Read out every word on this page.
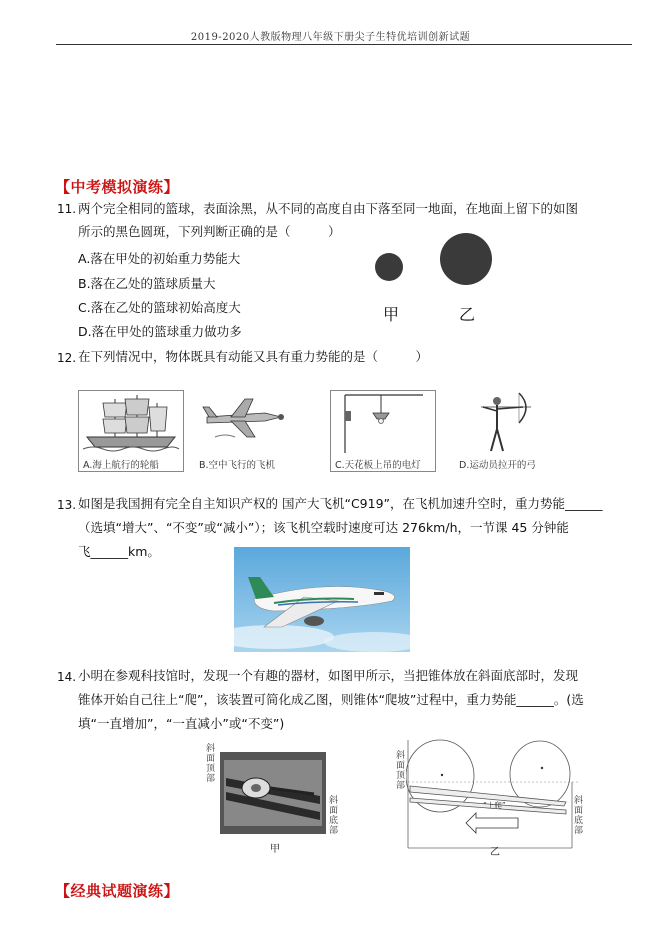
2019-2020人教版物理八年级下册尖子生特优培训创新试题
【中考模拟演练】
11. 两个完全相同的篮球，表面涂黑，从不同的高度自由下落至同一地面，在地面上留下的如图
所示的黑色圆斑，下列判断正确的是（　　　）
A.落在甲处的初始重力势能大
B.落在乙处的篮球质量大
C.落在乙处的篮球初始高度大
D.落在甲处的篮球重力做功多
甲	乙
12. 在下列情况中，物体既具有动能又具有重力势能的是（　　　）
A.海上航行的轮船	B.空中飞行的飞机	C.天花板上吊的电灯	D.运动员拉开的弓
13. 如图是我国拥有完全自主知识产权的 国产大飞机“C919”，在飞机加速升空时，重力势能______
（选填“增大”、“不变”或“减小”）；该飞机空载时速度可达 276km/h，一节课 45 分钟能
飞______km。
14. 小明在参观科技馆时，发现一个有趣的器材，如图甲所示，当把锥体放在斜面底部时，发现
锥体开始自己往上“爬”，该装置可简化成乙图，则锥体“爬坡”过程中，重力势能______。(选
填“一直增加”，“一直减小”或“不变”)
斜面顶部
斜面底部
甲
斜面顶部
“上爬”	斜面底部
乙
【经典试题演练】
